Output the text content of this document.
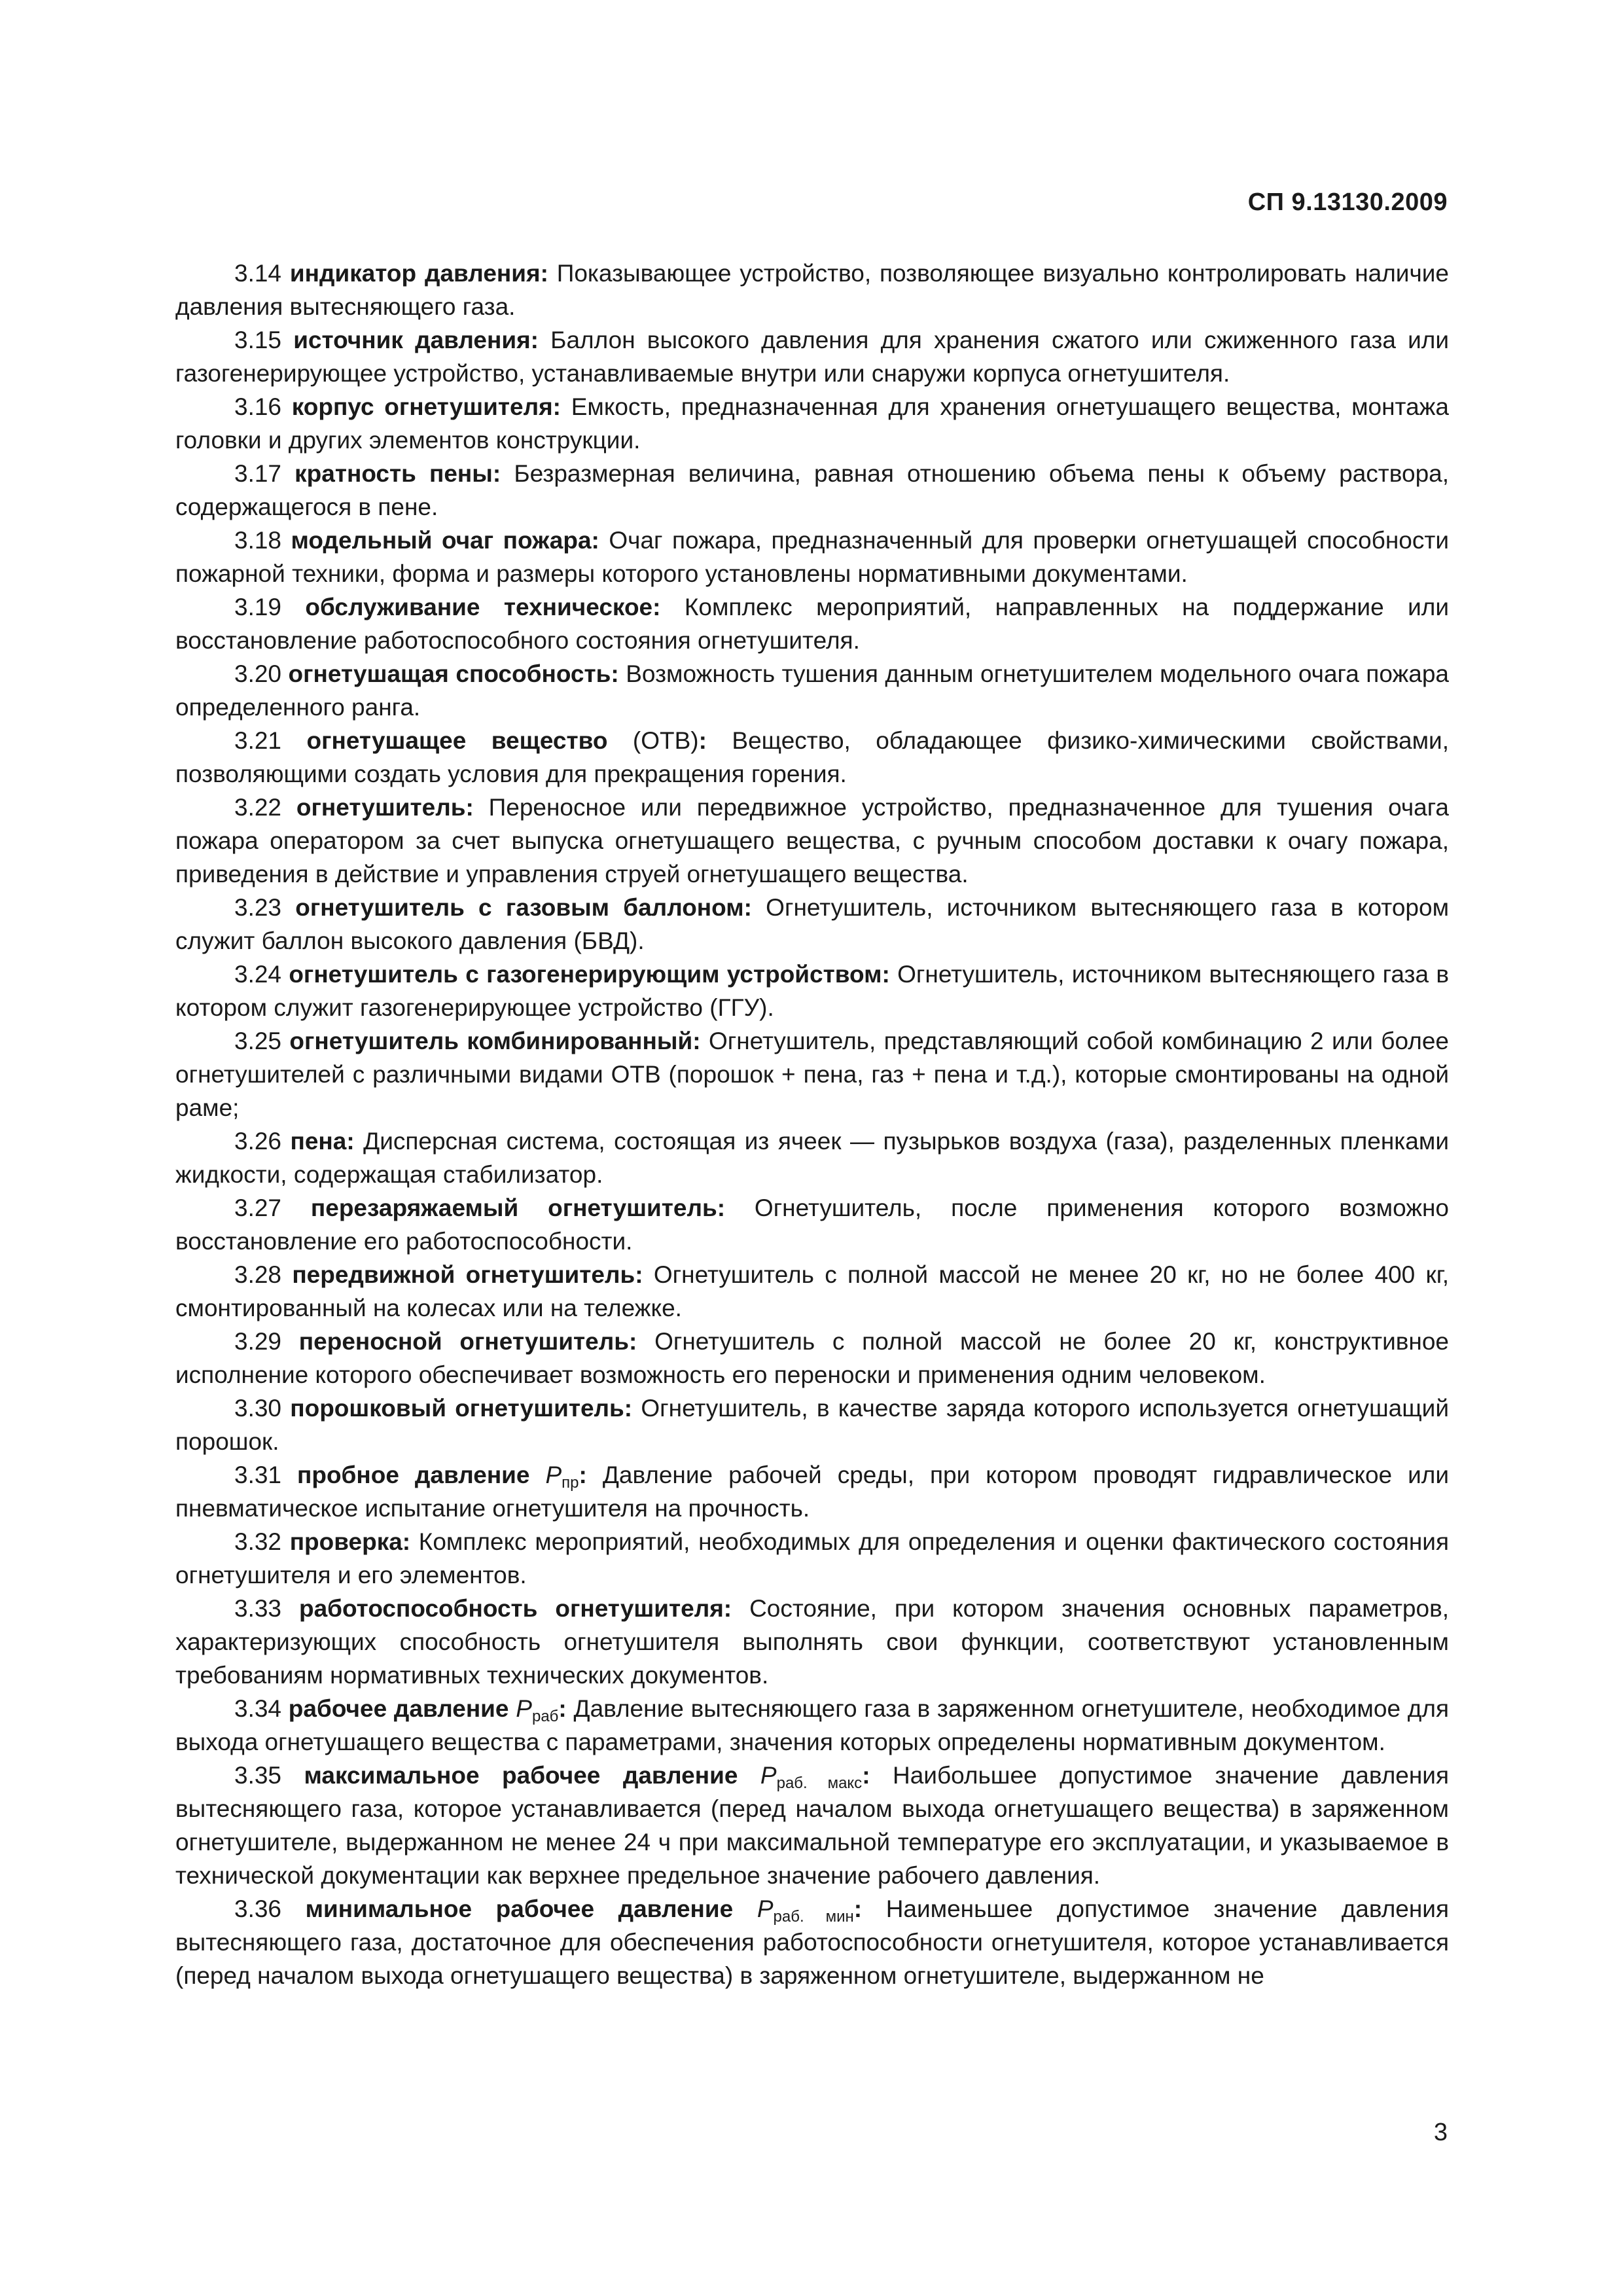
СП 9.13130.2009

3.14 индикатор давления: Показывающее устройство, позволяющее визуально контролировать наличие давления вытесняющего газа.

3.15 источник давления: Баллон высокого давления для хранения сжатого или сжиженного газа или газогенерирующее устройство, устанавливаемые внутри или снаружи корпуса огнетушителя.

3.16 корпус огнетушителя: Емкость, предназначенная для хранения огнетушащего вещества, монтажа головки и других элементов конструкции.

3.17 кратность пены: Безразмерная величина, равная отношению объема пены к объему раствора, содержащегося в пене.

3.18 модельный очаг пожара: Очаг пожара, предназначенный для проверки огнетушащей способности пожарной техники, форма и размеры которого установлены нормативными документами.

3.19 обслуживание техническое: Комплекс мероприятий, направленных на поддержание или восстановление работоспособного состояния огнетушителя.

3.20 огнетушащая способность: Возможность тушения данным огнетушителем модельного очага пожара определенного ранга.

3.21 огнетушащее вещество (ОТВ): Вещество, обладающее физико-химическими свойствами, позволяющими создать условия для прекращения горения.

3.22 огнетушитель: Переносное или передвижное устройство, предназначенное для тушения очага пожара оператором за счет выпуска огнетушащего вещества, с ручным способом доставки к очагу пожара, приведения в действие и управления струей огнетушащего вещества.

3.23 огнетушитель с газовым баллоном: Огнетушитель, источником вытесняющего газа в котором служит баллон высокого давления (БВД).

3.24 огнетушитель с газогенерирующим устройством: Огнетушитель, источником вытесняющего газа в котором служит газогенерирующее устройство (ГГУ).

3.25 огнетушитель комбинированный: Огнетушитель, представляющий собой комбинацию 2 или более огнетушителей с различными видами ОТВ (порошок + пена, газ + пена и т.д.), которые смонтированы на одной раме;

3.26 пена: Дисперсная система, состоящая из ячеек — пузырьков воздуха (газа), разделенных пленками жидкости, содержащая стабилизатор.

3.27 перезаряжаемый огнетушитель: Огнетушитель, после применения которого возможно восстановление его работоспособности.

3.28 передвижной огнетушитель: Огнетушитель с полной массой не менее 20 кг, но не более 400 кг, смонтированный на колесах или на тележке.

3.29 переносной огнетушитель: Огнетушитель с полной массой не более 20 кг, конструктивное исполнение которого обеспечивает возможность его переноски и применения одним человеком.

3.30 порошковый огнетушитель: Огнетушитель, в качестве заряда которого используется огнетушащий порошок.

3.31 пробное давление $P_{пр}$: Давление рабочей среды, при котором проводят гидравлическое или пневматическое испытание огнетушителя на прочность.

3.32 проверка: Комплекс мероприятий, необходимых для определения и оценки фактического состояния огнетушителя и его элементов.

3.33 работоспособность огнетушителя: Состояние, при котором значения основных параметров, характеризующих способность огнетушителя выполнять свои функции, соответствуют установленным требованиям нормативных технических документов.

3.34 рабочее давление $P_{раб}$: Давление вытесняющего газа в заряженном огнетушителе, необходимое для выхода огнетушащего вещества с параметрами, значения которых определены нормативным документом.

3.35 максимальное рабочее давление $P_{раб. макс}$: Наибольшее допустимое значение давления вытесняющего газа, которое устанавливается (перед началом выхода огнетушащего вещества) в заряженном огнетушителе, выдержанном не менее 24 ч при максимальной температуре его эксплуатации, и указываемое в технической документации как верхнее предельное значение рабочего давления.

3.36 минимальное рабочее давление $P_{раб. мин}$: Наименьшее допустимое значение давления вытесняющего газа, достаточное для обеспечения работоспособности огнетушителя, которое устанавливается (перед началом выхода огнетушащего вещества) в заряженном огнетушителе, выдержанном не

3
